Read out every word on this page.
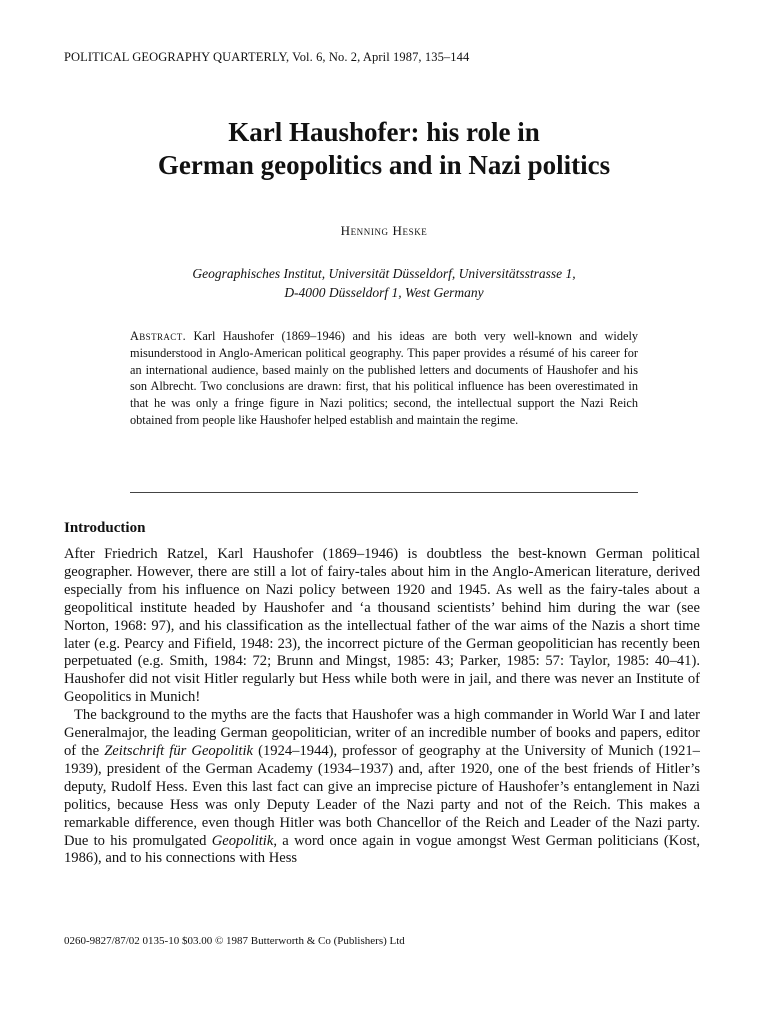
POLITICAL GEOGRAPHY QUARTERLY, Vol. 6, No. 2, April 1987, 135–144
Karl Haushofer: his role in
German geopolitics and in Nazi politics
Henning Heske
Geographisches Institut, Universität Düsseldorf, Universitätsstrasse 1,
D-4000 Düsseldorf 1, West Germany
Abstract. Karl Haushofer (1869–1946) and his ideas are both very well-known and widely misunderstood in Anglo-American political geography. This paper provides a résumé of his career for an international audience, based mainly on the published letters and documents of Haushofer and his son Albrecht. Two conclusions are drawn: first, that his political influence has been overestimated in that he was only a fringe figure in Nazi politics; second, the intellectual support the Nazi Reich obtained from people like Haushofer helped establish and maintain the regime.
Introduction

After Friedrich Ratzel, Karl Haushofer (1869–1946) is doubtless the best-known German political geographer. However, there are still a lot of fairy-tales about him in the Anglo-American literature, derived especially from his influence on Nazi policy between 1920 and 1945. As well as the fairy-tales about a geopolitical institute headed by Haushofer and ‘a thousand scientists’ behind him during the war (see Norton, 1968: 97), and his classification as the intellectual father of the war aims of the Nazis a short time later (e.g. Pearcy and Fifield, 1948: 23), the incorrect picture of the German geopolitician has recently been perpetuated (e.g. Smith, 1984: 72; Brunn and Mingst, 1985: 43; Parker, 1985: 57: Taylor, 1985: 40–41). Haushofer did not visit Hitler regularly but Hess while both were in jail, and there was never an Institute of Geopolitics in Munich!

The background to the myths are the facts that Haushofer was a high commander in World War I and later Generalmajor, the leading German geopolitician, writer of an incredible number of books and papers, editor of the Zeitschrift für Geopolitik (1924–1944), professor of geography at the University of Munich (1921–1939), president of the German Academy (1934–1937) and, after 1920, one of the best friends of Hitler’s deputy, Rudolf Hess. Even this last fact can give an imprecise picture of Haushofer’s entanglement in Nazi politics, because Hess was only Deputy Leader of the Nazi party and not of the Reich. This makes a remarkable difference, even though Hitler was both Chancellor of the Reich and Leader of the Nazi party. Due to his promulgated Geopolitik, a word once again in vogue amongst West German politicians (Kost, 1986), and to his connections with Hess

0260-9827/87/02 0135-10 $03.00 © 1987 Butterworth & Co (Publishers) Ltd
